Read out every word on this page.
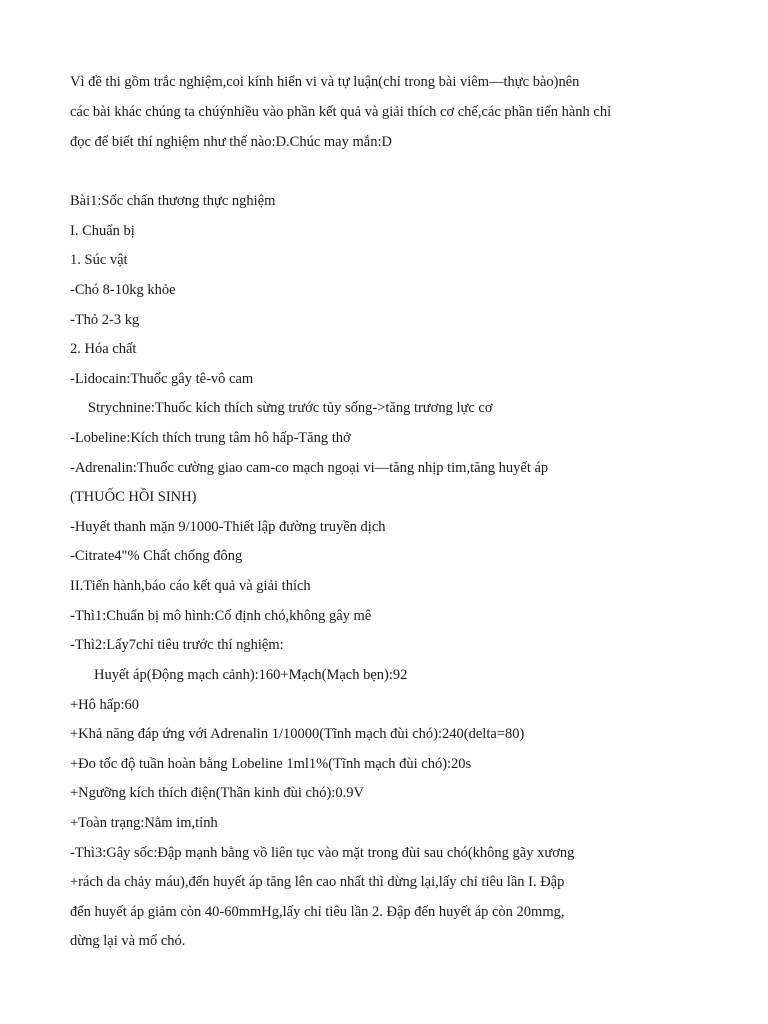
Vì đề thi gồm trắc nghiệm,coi kính hiển vi và tự luận(chỉ trong bài viêm—thực bào)nên
các bài khác chúng ta chúýnhiều vào phần kết quả và giải thích cơ chế,các phần tiến hành chỉ
đọc để biết thí nghiệm như thế nào:D.Chúc may mắn:D
Bài1:Sốc chấn thương thực nghiệm
I. Chuẩn bị
1. Súc vật
-Chó 8-10kg khỏe
-Thỏ 2-3 kg
2. Hóa chất
-Lidocain:Thuốc gây tê-vô cam
Strychnine:Thuốc kích thích sừng trước tủy sống->tăng trương lực cơ
-Lobeline:Kích thích trung tâm hô hấp-Tăng thở
-Adrenalin:Thuốc cường giao cam-co mạch ngoại vi—tăng nhịp tim,tăng huyết áp
(THUỐC HỒI SINH)
-Huyết thanh mặn 9/1000-Thiết lập đường truyền dịch
-Citrate4"% Chất chống đông
II.Tiến hành,báo cáo kết quả và giải thích
-Thì1:Chuẩn bị mô hình:Cố định chó,không gây mê
-Thì2:Lấy7chỉ tiêu trước thí nghiệm:
Huyết áp(Động mạch cảnh):160+Mạch(Mạch bẹn):92
+Hô hấp:60
+Khả năng đáp ứng với Adrenalin 1/10000(Tĩnh mạch đùi chó):240(delta=80)
+Đo tốc độ tuần hoàn bằng Lobeline 1ml1%(Tĩnh mạch đùi chó):20s
+Ngưỡng kích thích điện(Thần kinh đùi chó):0.9V
+Toàn trạng:Nằm im,tỉnh
-Thì3:Gây sốc:Đập mạnh bằng vồ liên tục vào mặt trong đùi sau chó(không gãy xương
+rách da chảy máu),đến huyết áp tăng lên cao nhất thì dừng lại,lấy chỉ tiêu lần I. Đập
đến huyết áp giảm còn 40-60mmHg,lấy chỉ tiêu lần 2. Đập đến huyết áp còn 20mmg,
dừng lại và mổ chó.
